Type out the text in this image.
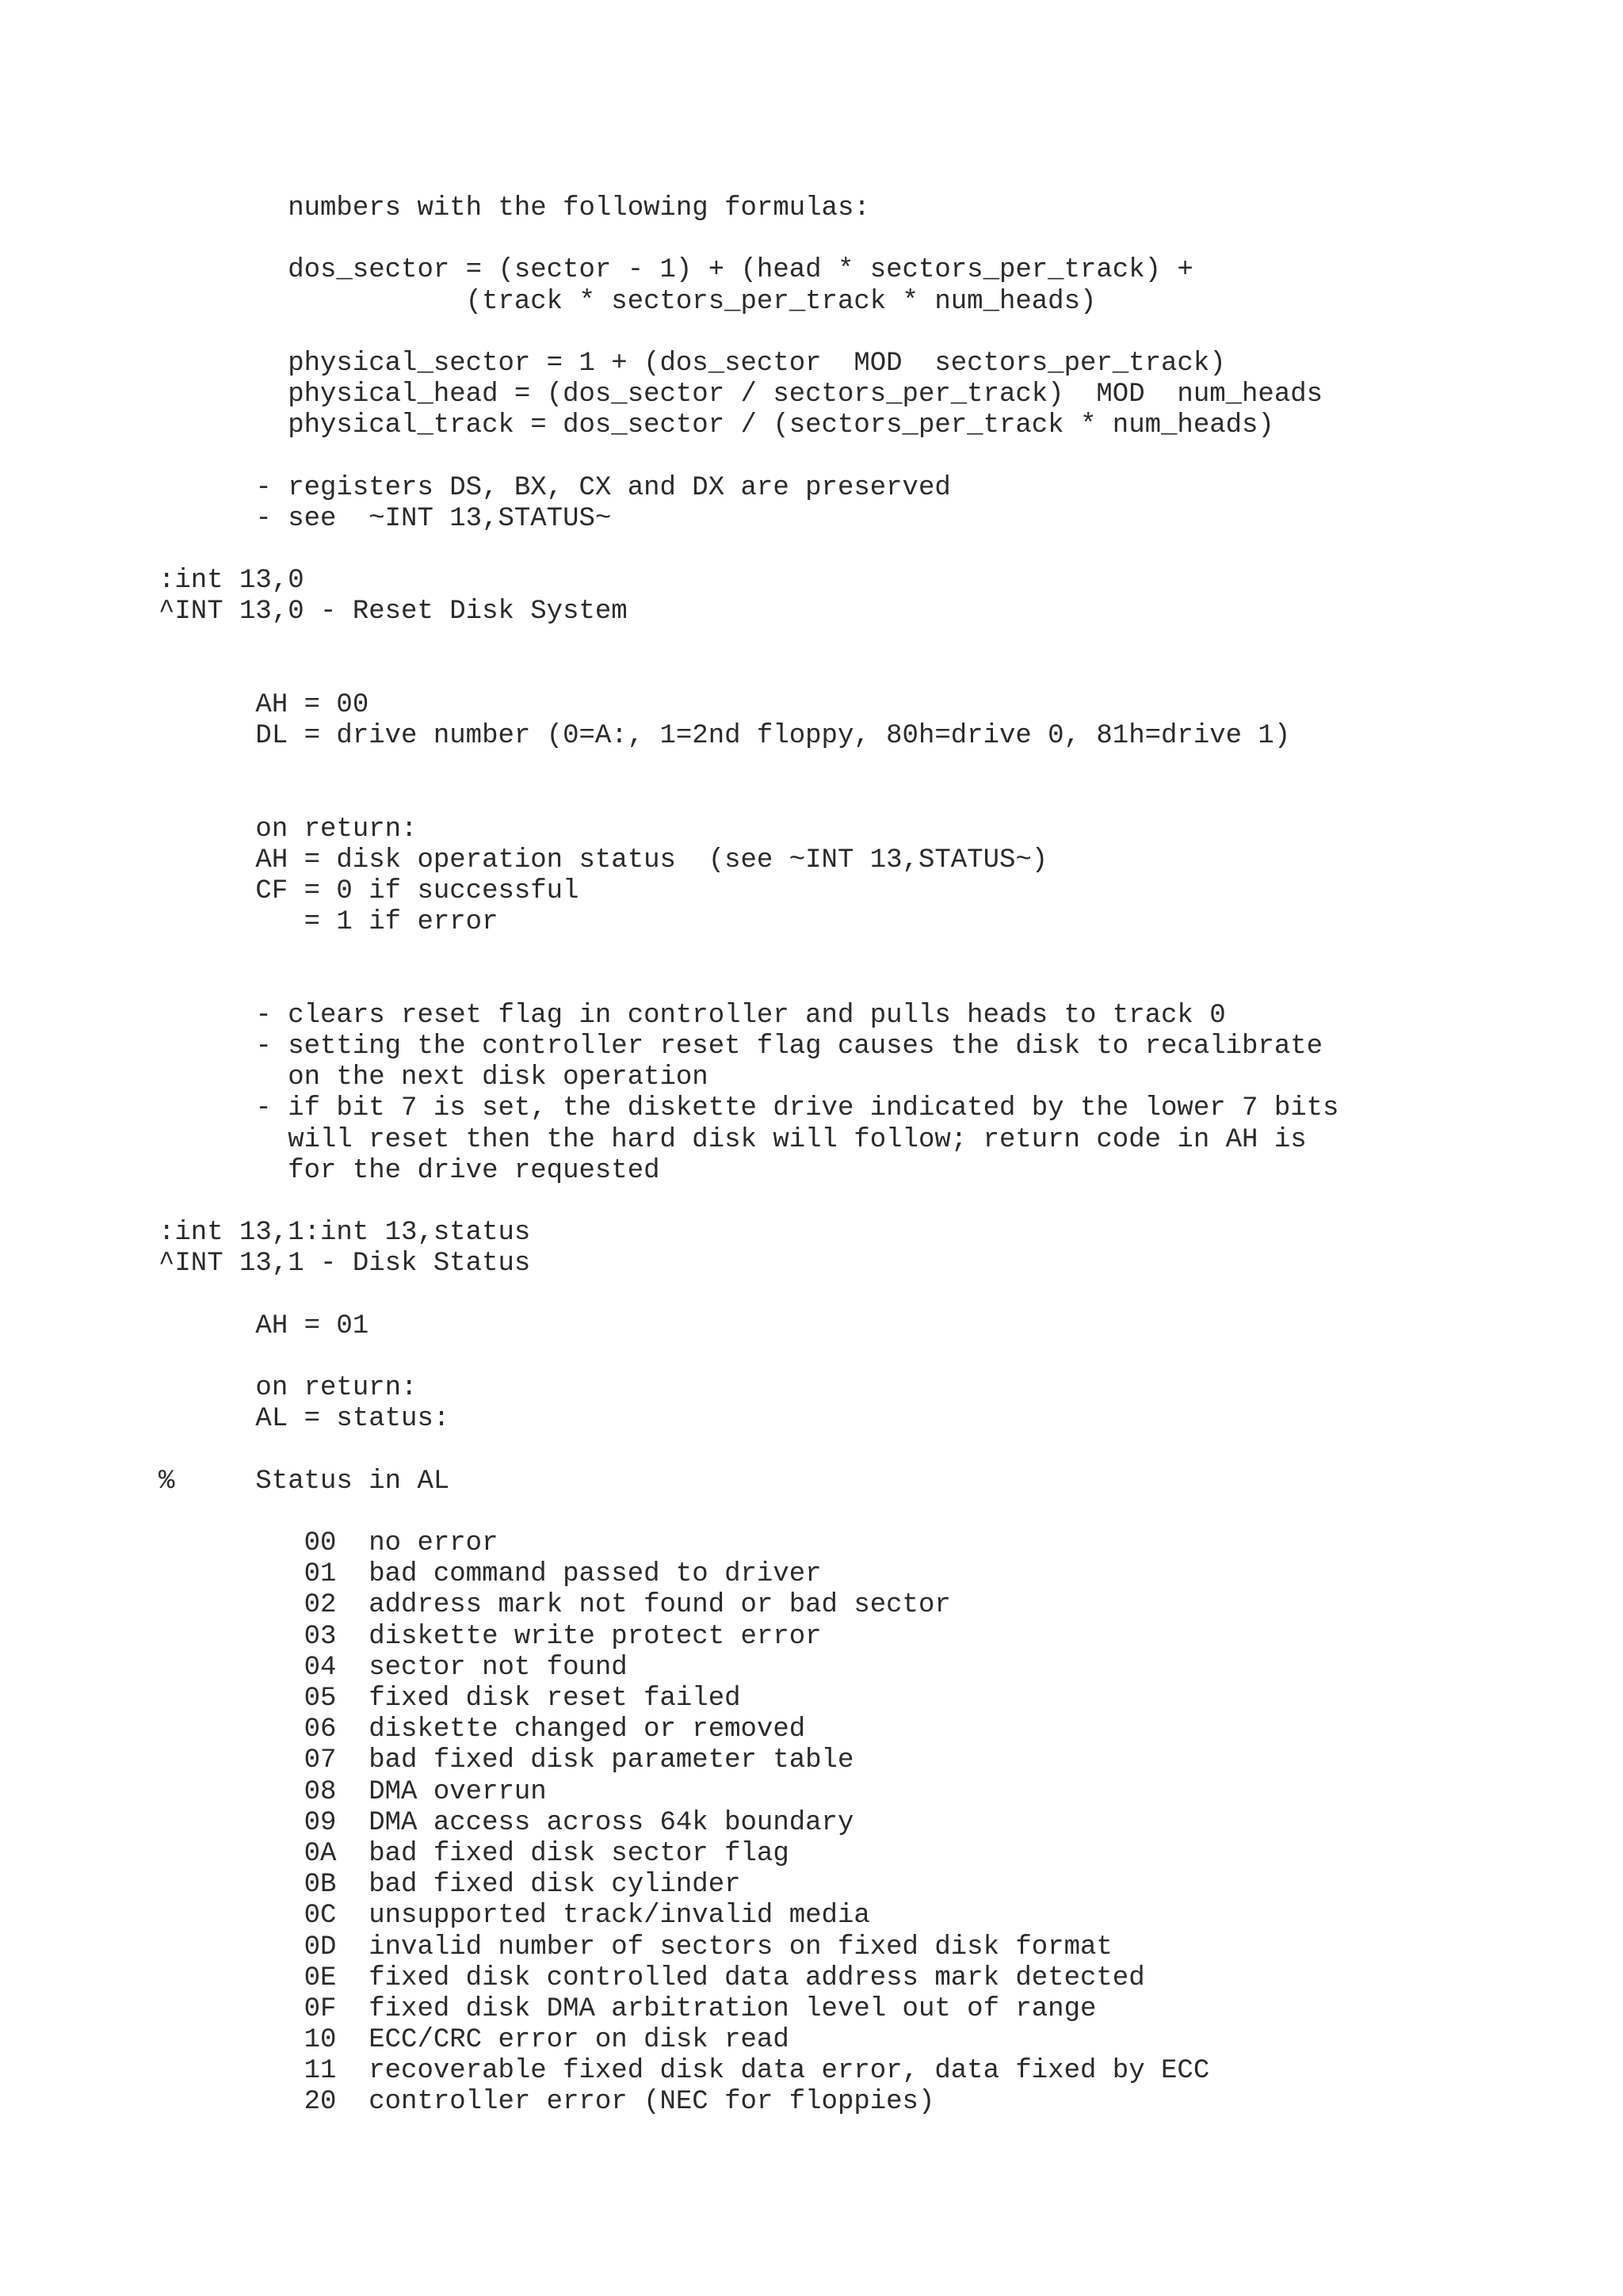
numbers with the following formulas:
dos_sector = (sector - 1) + (head * sectors_per_track) +
(track * sectors_per_track * num_heads)
physical_sector = 1 + (dos_sector  MOD  sectors_per_track)
physical_head = (dos_sector / sectors_per_track)  MOD  num_heads
physical_track = dos_sector / (sectors_per_track * num_heads)
- registers DS, BX, CX and DX are preserved
- see  ~INT 13,STATUS~
:int 13,0
^INT 13,0 - Reset Disk System
AH = 00
DL = drive number (0=A:, 1=2nd floppy, 80h=drive 0, 81h=drive 1)
on return:
AH = disk operation status  (see ~INT 13,STATUS~)
CF = 0 if successful
= 1 if error
- clears reset flag in controller and pulls heads to track 0
- setting the controller reset flag causes the disk to recalibrate
on the next disk operation
- if bit 7 is set, the diskette drive indicated by the lower 7 bits
will reset then the hard disk will follow; return code in AH is
for the drive requested
:int 13,1:int 13,status
^INT 13,1 - Disk Status
AH = 01
on return:
AL = status:
%     Status in AL
00  no error
01  bad command passed to driver
02  address mark not found or bad sector
03  diskette write protect error
04  sector not found
05  fixed disk reset failed
06  diskette changed or removed
07  bad fixed disk parameter table
08  DMA overrun
09  DMA access across 64k boundary
0A  bad fixed disk sector flag
0B  bad fixed disk cylinder
0C  unsupported track/invalid media
0D  invalid number of sectors on fixed disk format
0E  fixed disk controlled data address mark detected
0F  fixed disk DMA arbitration level out of range
10  ECC/CRC error on disk read
11  recoverable fixed disk data error, data fixed by ECC
20  controller error (NEC for floppies)
